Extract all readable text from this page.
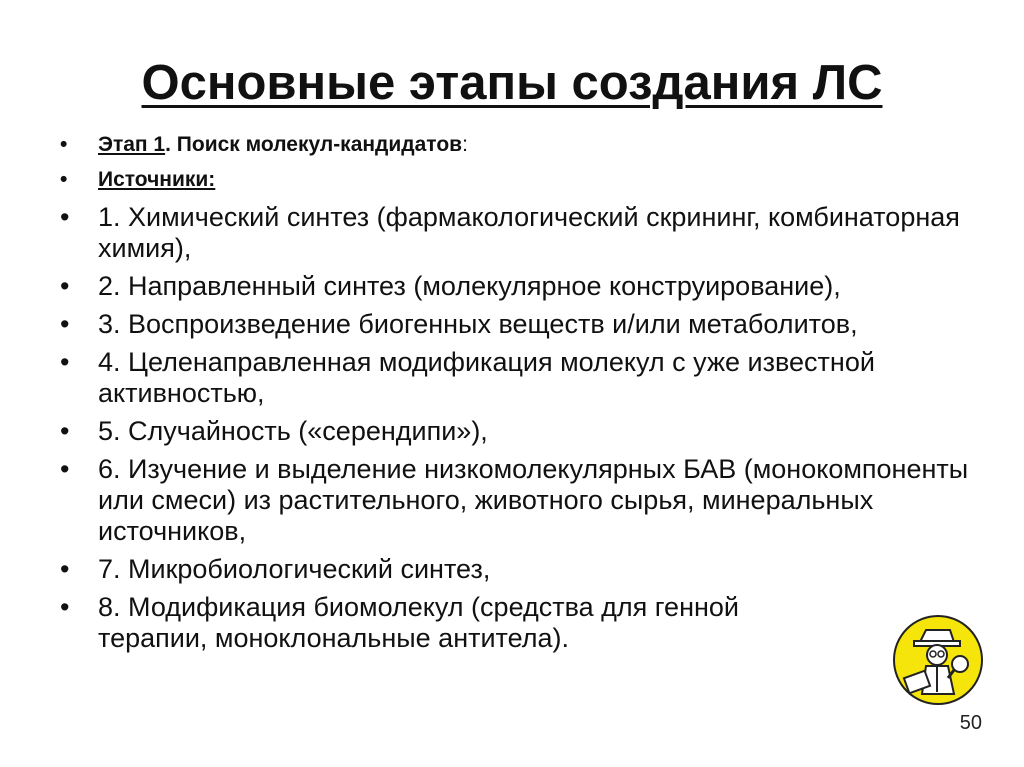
Основные этапы создания ЛС
• Этап 1. Поиск молекул-кандидатов:
• Источники:
• 1. Химический синтез (фармакологический скрининг, комбинаторная химия),
• 2. Направленный синтез (молекулярное конструирование),
• 3. Воспроизведение биогенных веществ и/или метаболитов,
• 4. Целенаправленная модификация молекул с уже известной активностью,
• 5. Случайность («серендипи»),
• 6. Изучение и выделение низкомолекулярных БАВ (монокомпоненты или смеси) из растительного, животного сырья, минеральных источников,
• 7. Микробиологический синтез,
• 8. Модификация биомолекул (средства для генной терапии, моноклональные антитела).
50
